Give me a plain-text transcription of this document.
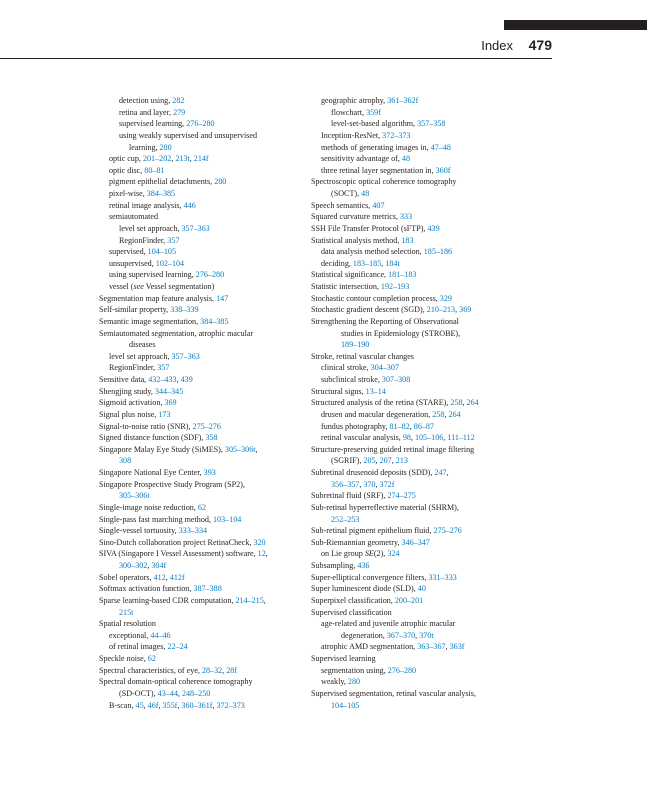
Index 479
detection using, 282
retina and layer, 279
supervised learning, 276–280
using weakly supervised and unsupervised
learning, 280
optic cup, 201–202, 213t, 214f
optic disc, 80–81
pigment epithelial detachments, 280
pixel-wise, 384–385
retinal image analysis, 446
semiautomated
level set approach, 357–363
RegionFinder, 357
supervised, 104–105
unsupervised, 102–104
using supervised learning, 276–280
vessel (see Vessel segmentation)
Segmentation map feature analysis, 147
Self-similar property, 338–339
Semantic image segmentation, 384–385
Semiautomated segmentation, atrophic macular
diseases
level set approach, 357–363
RegionFinder, 357
Sensitive data, 432–433, 439
Shengjing study, 344–345
Sigmoid activation, 369
Signal plus noise, 173
Signal-to-noise ratio (SNR), 275–276
Signed distance function (SDF), 358
Singapore Malay Eye Study (SiMES), 305–306t,
308
Singapore National Eye Center, 393
Singapore Prospective Study Program (SP2),
305–306t
Single-image noise reduction, 62
Single-pass fast marching method, 103–104
Single-vessel tortuosity, 333–334
Sino-Dutch collaboration project RetinaCheck, 320
SIVA (Singapore I Vessel Assessment) software, 12,
300–302, 304f
Sobel operators, 412, 412f
Softmax activation function, 387–388
Sparse learning-based CDR computation, 214–215,
215t
Spatial resolution
exceptional, 44–46
of retinal images, 22–24
Speckle noise, 62
Spectral characteristics, of eye, 28–32, 28f
Spectral domain-optical coherence tomography
(SD-OCT), 43–44, 248–250
B-scan, 45, 46f, 355f, 360–361f, 372–373
geographic atrophy, 361–362f
flowchart, 359f
level-set-based algorithm, 357–358
Inception-ResNet, 372–373
methods of generating images in, 47–48
sensitivity advantage of, 48
three retinal layer segmentation in, 360f
Spectroscopic optical coherence tomography
(SOCT), 48
Speech semantics, 407
Squared curvature metrics, 333
SSH File Transfer Protocol (sFTP), 439
Statistical analysis method, 183
data analysis method selection, 185–186
deciding, 183–185, 184t
Statistical significance, 181–183
Statistic intersection, 192–193
Stochastic contour completion process, 329
Stochastic gradient descent (SGD), 210–213, 369
Strengthening the Reporting of Observational
studies in Epidemiology (STROBE),
189–190
Stroke, retinal vascular changes
clinical stroke, 304–307
subclinical stroke, 307–308
Structural signs, 13–14
Structured analysis of the retina (STARE), 258, 264
drusen and macular degeneration, 258, 264
fundus photography, 81–82, 86–87
retinal vascular analysis, 98, 105–106, 111–112
Structure-preserving guided retinal image filtering
(SGRIF), 205, 207, 213
Subretinal drusenoid deposits (SDD), 247,
356–357, 370, 372f
Subretinal fluid (SRF), 274–275
Sub-retinal hyperreflective material (SHRM),
252–253
Sub-retinal pigment epithelium fluid, 275–276
Sub-Riemannian geometry, 346–347
on Lie group SE(2), 324
Subsampling, 436
Super-elliptical convergence filters, 331–333
Super luminescent diode (SLD), 40
Superpixel classification, 200–201
Supervised classification
age-related and juvenile atrophic macular
degeneration, 367–370, 370t
atrophic AMD segmentation, 363–367, 363f
Supervised learning
segmentation using, 276–280
weakly, 280
Supervised segmentation, retinal vascular analysis,
104–105
